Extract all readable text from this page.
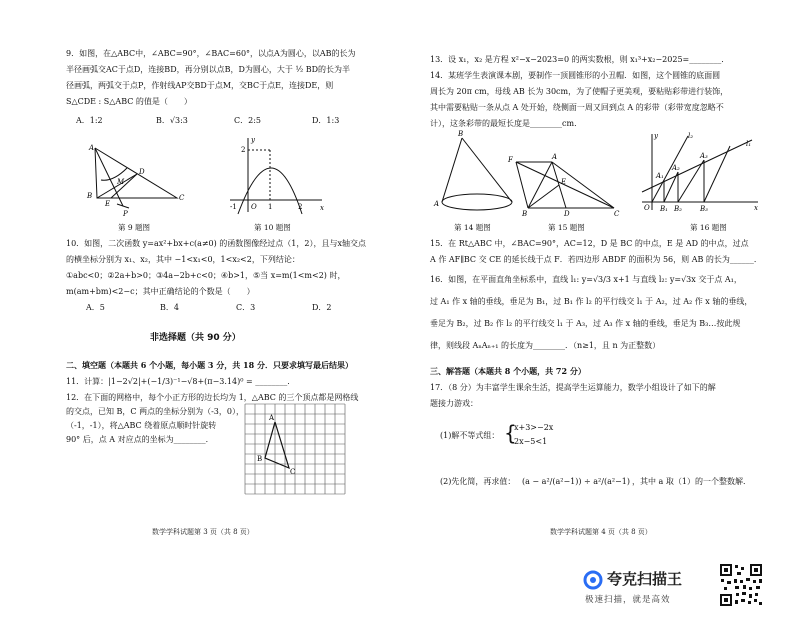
9．如图，在△ABC中，∠ABC=90°，∠BAC=60°，以点A为圆心，以AB的长为
半径画弧交AC于点D，连接BD，再分别以点B，D为圆心，大于 ½ BD的长为半
径画弧，两弧交于点P，作射线AP交BD于点M，交BC于点E，连接DE，则
S△CDE : S△ABC 的值是（　　）
A．1:2	B．√3:3	C．2:5	D．1:3
A
B	C
D
E
M
P
第 9 题图
y
x
2
O 1
-1	2
第 10 题图
10．如图，二次函数 y=ax²+bx+c(a≠0) 的函数图像经过点（1，2），且与x轴交点
的横坐标分别为 x₁、x₂，其中 −1<x₁<0，1<x₂<2，下列结论：
①abc<0；②2a+b>0；③4a−2b+c<0；④b>1，⑤当 x=m(1<m<2) 时，
m(am+bm)<2−c；其中正确结论的个数是（　　）
A．5	B．4	C．3	D．2
非选择题（共 90 分）
二、填空题（本题共 6 个小题，每小题 3 分，共 18 分．只要求填写最后结果）
11．计算：|1−2√2|+(−1/3)⁻¹−√8+(π−3.14)⁰ = ________．
12．在下面的网格中，每个小正方形的边长均为 1，△ABC 的三个顶点都是网格线
的交点，已知 B，C 两点的坐标分别为（-3，0），
（-1，-1），将△ABC 绕着原点顺时针旋转
90° 后，点 A 对应点的坐标为________．
A
B
C
数学学科试题第 3 页（共 8 页）
13．设 x₁，x₂ 是方程 x²−x−2023=0 的两实数根，则 x₁³+x₂−2025=________．
14．某班学生表演课本剧，要制作一顶圆锥形的小丑帽．如图，这个圆锥的底面圆
周长为 20π cm，母线 AB 长为 30cm，为了使帽子更美观，要粘贴彩带进行装饰，
其中需要粘贴一条从点 A 处开始，绕侧面一周又回到点 A 的彩带（彩带宽度忽略不
计），这条彩带的最短长度是________cm．
B
A
第 14 题图
F	A
B	D	C
E
第 15 题图
y	l₂
l₁
A₁
A₂
A₃
O B₁ B₂	B₃	x
第 16 题图
15．在 Rt△ABC 中，∠BAC=90°，AC=12，D 是 BC 的中点，E 是 AD 的中点，过点
A 作 AF∥BC 交 CE 的延长线于点 F．若四边形 ABDF 的面积为 56，则 AB 的长为______．
16．如图，在平面直角坐标系中，直线 l₁: y=√3/3 x+1 与直线 l₂: y=√3x 交于点 A₁，
过 A₁ 作 x 轴的垂线，垂足为 B₁，过 B₁ 作 l₂ 的平行线交 l₁ 于 A₂，过 A₂ 作 x 轴的垂线，
垂足为 B₂，过 B₂ 作 l₂ 的平行线交 l₁ 于 A₃，过 A₃ 作 x 轴的垂线，垂足为 B₃…按此规
律，则线段 AₙAₙ₊₁ 的长度为________．（n≥1，且 n 为正整数）
三、解答题（本题共 8 个小题，共 72 分）
17．（8 分）为丰富学生课余生活，提高学生运算能力，数学小组设计了如下的解
题接力游戏：
(1)解不等式组： {
x+3>−2x
2x−5<1
(2)先化简，再求值： (a − a²/(a²−1)) ÷ a²/(a²−1) ，其中 a 取（1）的一个整数解．
数学学科试题第 4 页（共 8 页）
夸克扫描王
极速扫描，就是高效
